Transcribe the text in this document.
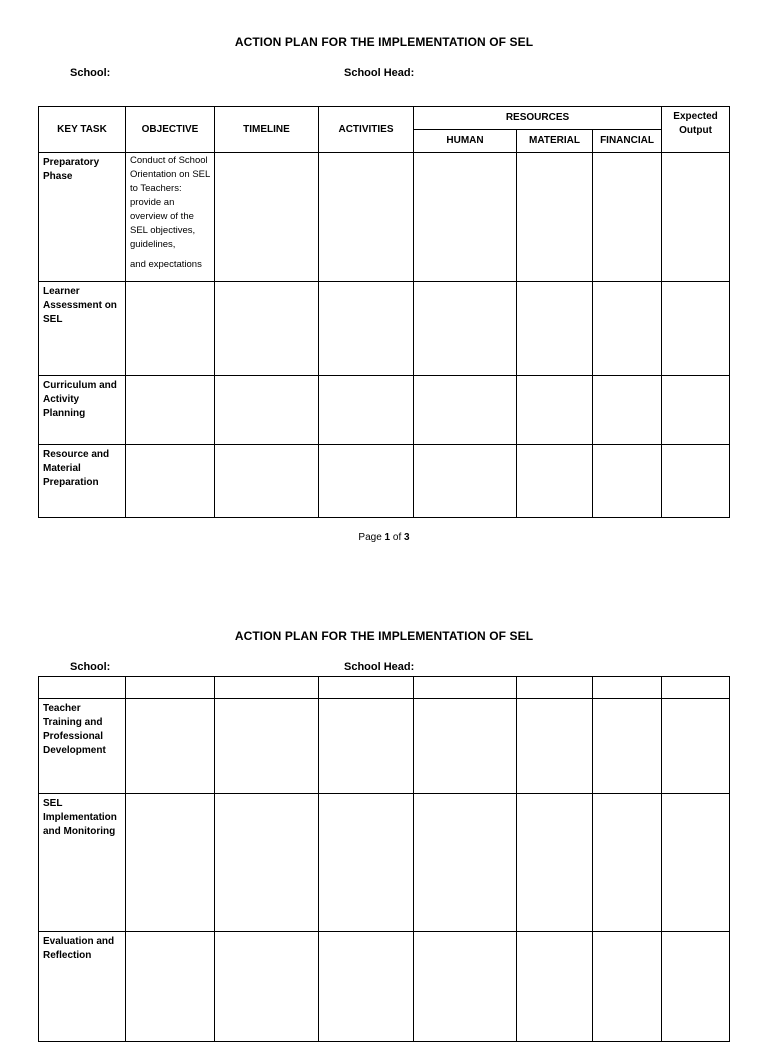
ACTION PLAN FOR THE IMPLEMENTATION OF SEL
School:	School Head:
KEY TASK	OBJECTIVE	TIMELINE	ACTIVITIES	RESOURCES			Expected Output
				HUMAN	MATERIAL	FINANCIAL	
Preparatory Phase	Conduct of School Orientation on SEL to Teachers: provide an overview of the SEL objectives, guidelines,
and expectations						

Learner Assessment on SEL							
Curriculum and Activity Planning							
Resource and Material Preparation							
Page 1 of 3
ACTION PLAN FOR THE IMPLEMENTATION OF SEL
School:	School Head:

Teacher Training and Professional Development							
SEL Implementation and Monitoring							
Evaluation and Reflection							
